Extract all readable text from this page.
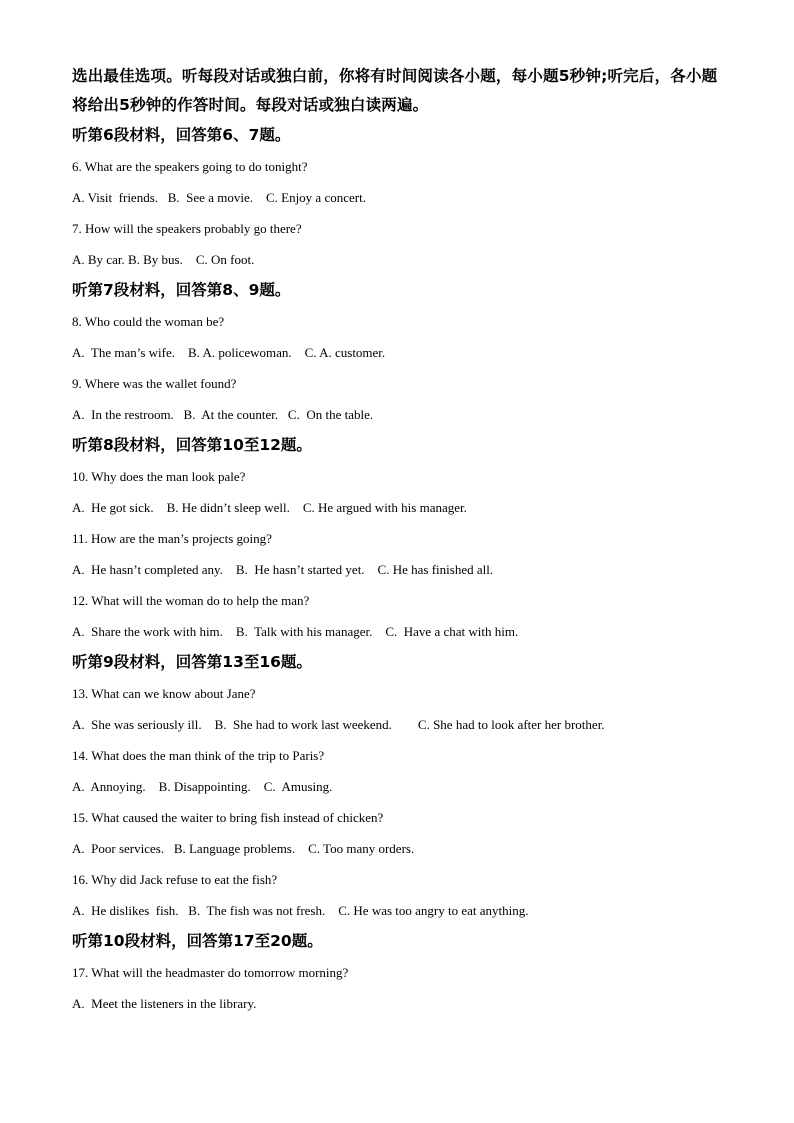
选出最佳选项。听每段对话或独白前，你将有时间阅读各小题，每小题5秒钟;听完后，各小题将给出5秒钟的作答时间。每段对话或独白读两遍。

听第6段材料，回答第6、7题。

6. What are the speakers going to do tonight?

A. Visit  friends.   B.  See a movie.    C. Enjoy a concert.

7. How will the speakers probably go there?

A. By car. B. By bus.    C. On foot.

听第7段材料，回答第8、9题。

8. Who could the woman be?

A.  The man’s wife.    B. A. policewoman.    C. A. customer.

9. Where was the wallet found?

A.  In the restroom.   B.  At the counter.   C.  On the table.

听第8段材料，回答第10至12题。

10. Why does the man look pale?

A.  He got sick.    B. He didn’t sleep well.    C. He argued with his manager.

11. How are the man’s projects going?

A.  He hasn’t completed any.    B.  He hasn’t started yet.    C. He has finished all.

12. What will the woman do to help the man?

A.  Share the work with him.    B.  Talk with his manager.    C.  Have a chat with him.

听第9段材料，回答第13至16题。

13. What can we know about Jane?

A.  She was seriously ill.    B.  She had to work last weekend.        C. She had to look after her brother.

14. What does the man think of the trip to Paris?

A.  Annoying.    B. Disappointing.    C.  Amusing.

15. What caused the waiter to bring fish instead of chicken?

A.  Poor services.   B. Language problems.    C. Too many orders.

16. Why did Jack refuse to eat the fish?

A.  He dislikes  fish.   B.  The fish was not fresh.    C. He was too angry to eat anything.

听第10段材料，回答第17至20题。

17. What will the headmaster do tomorrow morning?

A.  Meet the listeners in the library.
